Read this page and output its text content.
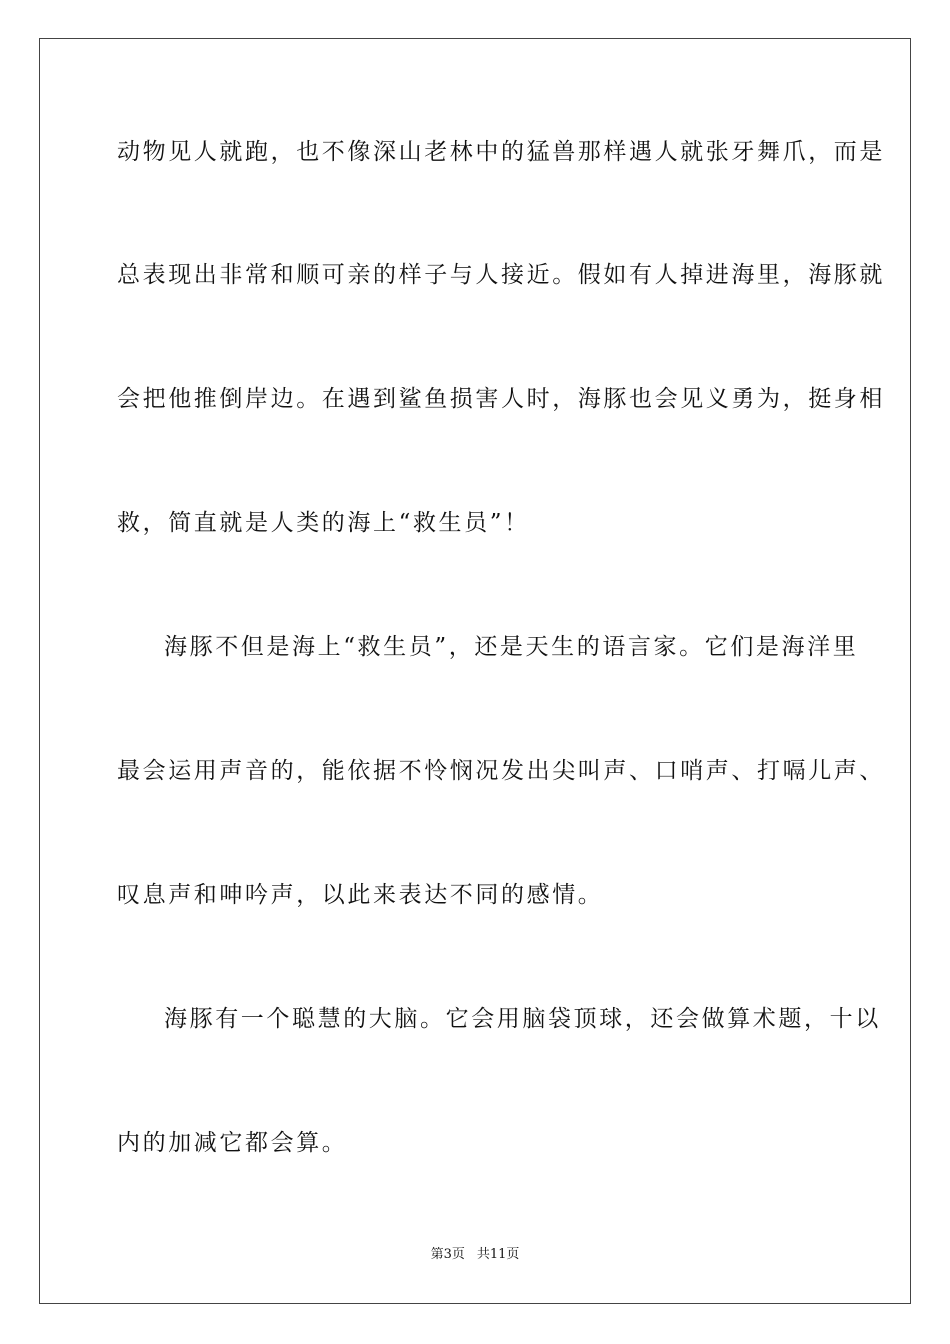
动物见人就跑，也不像深山老林中的猛兽那样遇人就张牙舞爪，而是
总表现出非常和顺可亲的样子与人接近。假如有人掉进海里，海豚就
会把他推倒岸边。在遇到鲨鱼损害人时，海豚也会见义勇为，挺身相
救，简直就是人类的海上“救生员”！
海豚不但是海上“救生员”，还是天生的语言家。它们是海洋里
最会运用声音的，能依据不怜悯况发出尖叫声、口哨声、打嗝儿声、
叹息声和呻吟声，以此来表达不同的感情。
海豚有一个聪慧的大脑。它会用脑袋顶球，还会做算术题，十以
内的加减它都会算。
第3页 共11页
